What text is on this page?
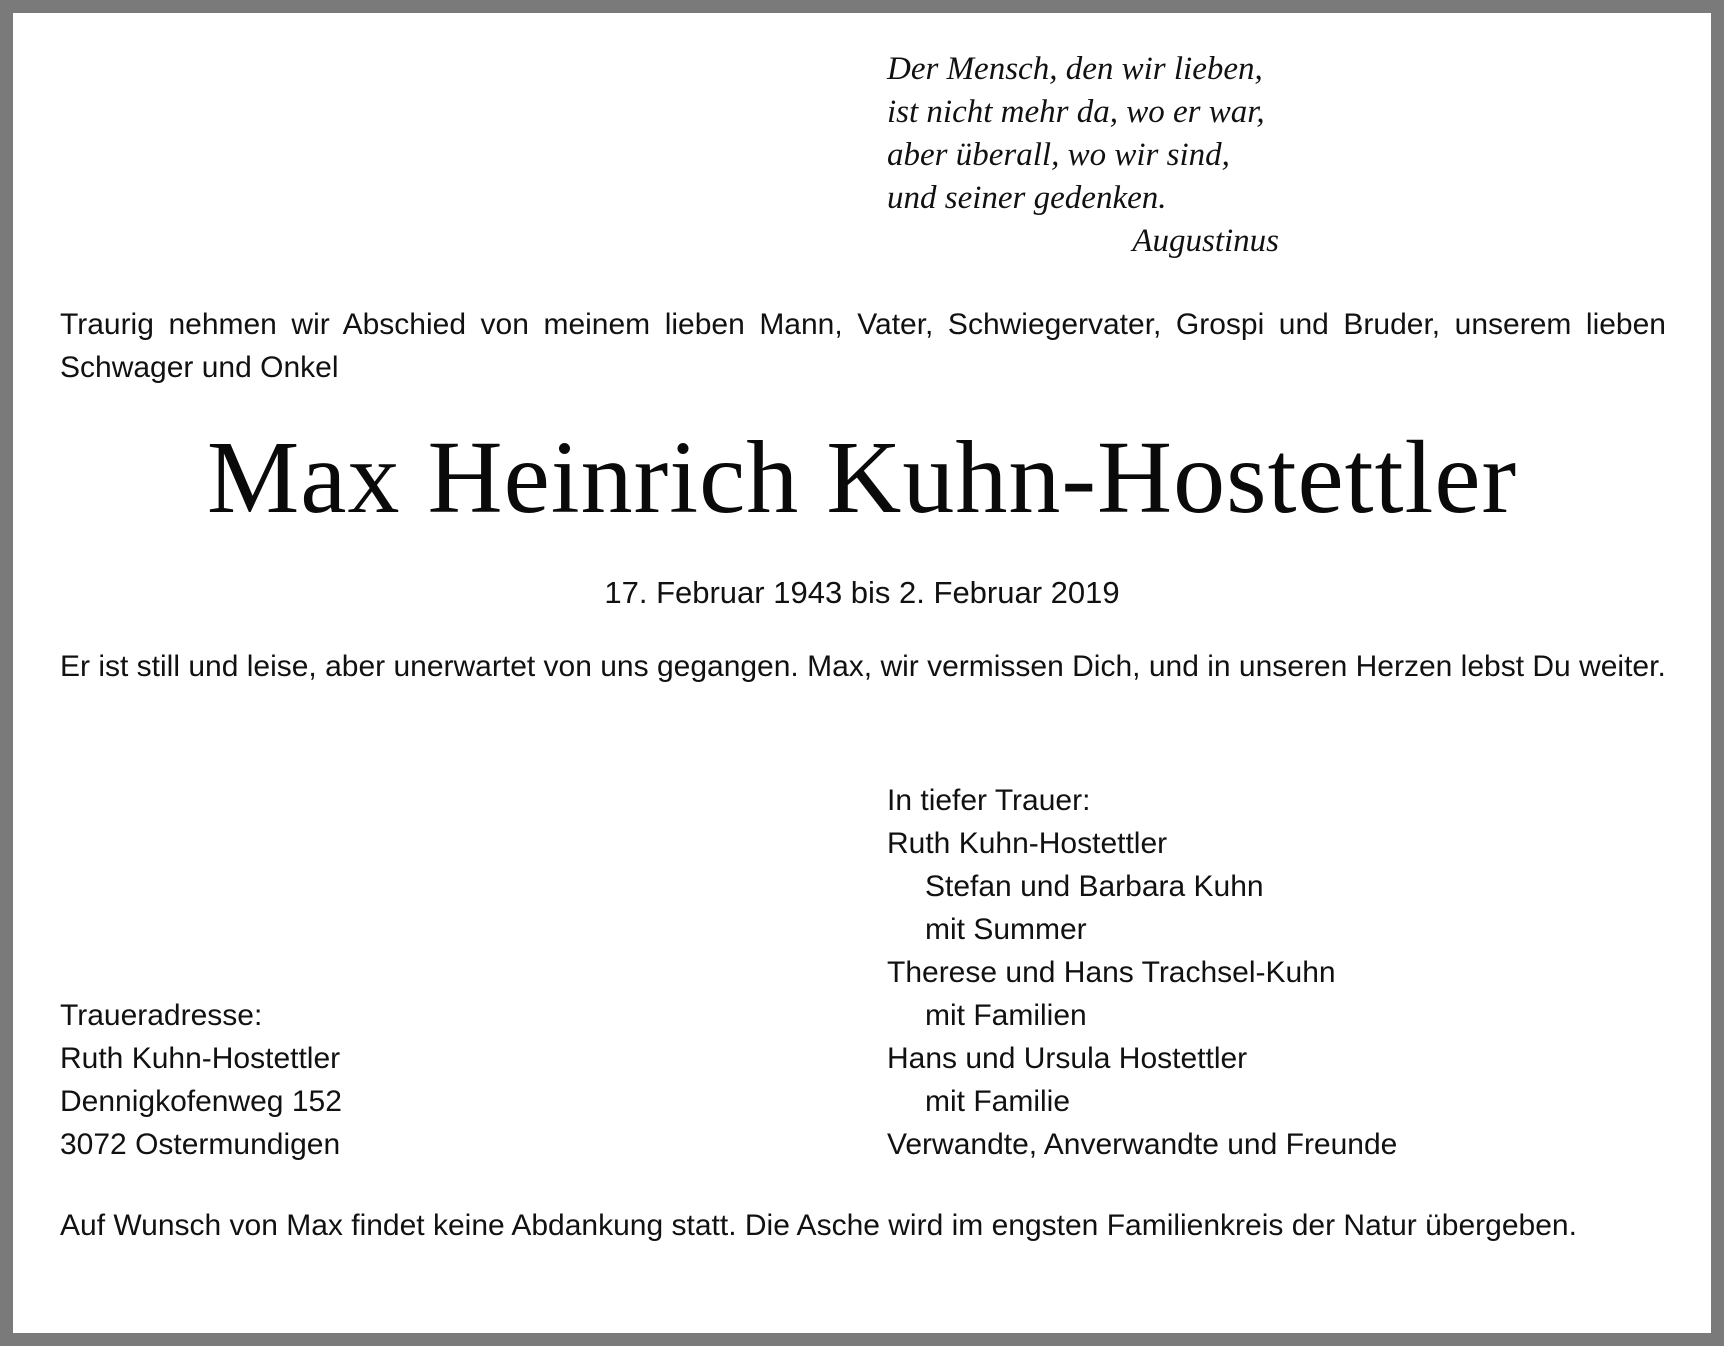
Der Mensch, den wir lieben,
ist nicht mehr da, wo er war,
aber überall, wo wir sind,
und seiner gedenken.
Augustinus
Traurig nehmen wir Abschied von meinem lieben Mann, Vater, Schwiegervater, Grospi und Bruder, unserem lieben Schwager und Onkel
Max Heinrich Kuhn-Hostettler
17. Februar 1943 bis 2. Februar 2019
Er ist still und leise, aber unerwartet von uns gegangen. Max, wir vermissen Dich, und in unseren Herzen lebst Du weiter.
In tiefer Trauer:
Ruth Kuhn-Hostettler
Stefan und Barbara Kuhn
mit Summer
Therese und Hans Trachsel-Kuhn
mit Familien
Hans und Ursula Hostettler
mit Familie
Verwandte, Anverwandte und Freunde
Traueradresse:
Ruth Kuhn-Hostettler
Dennigkofenweg 152
3072 Ostermundigen
Auf Wunsch von Max findet keine Abdankung statt. Die Asche wird im engsten Familienkreis der Natur übergeben.
